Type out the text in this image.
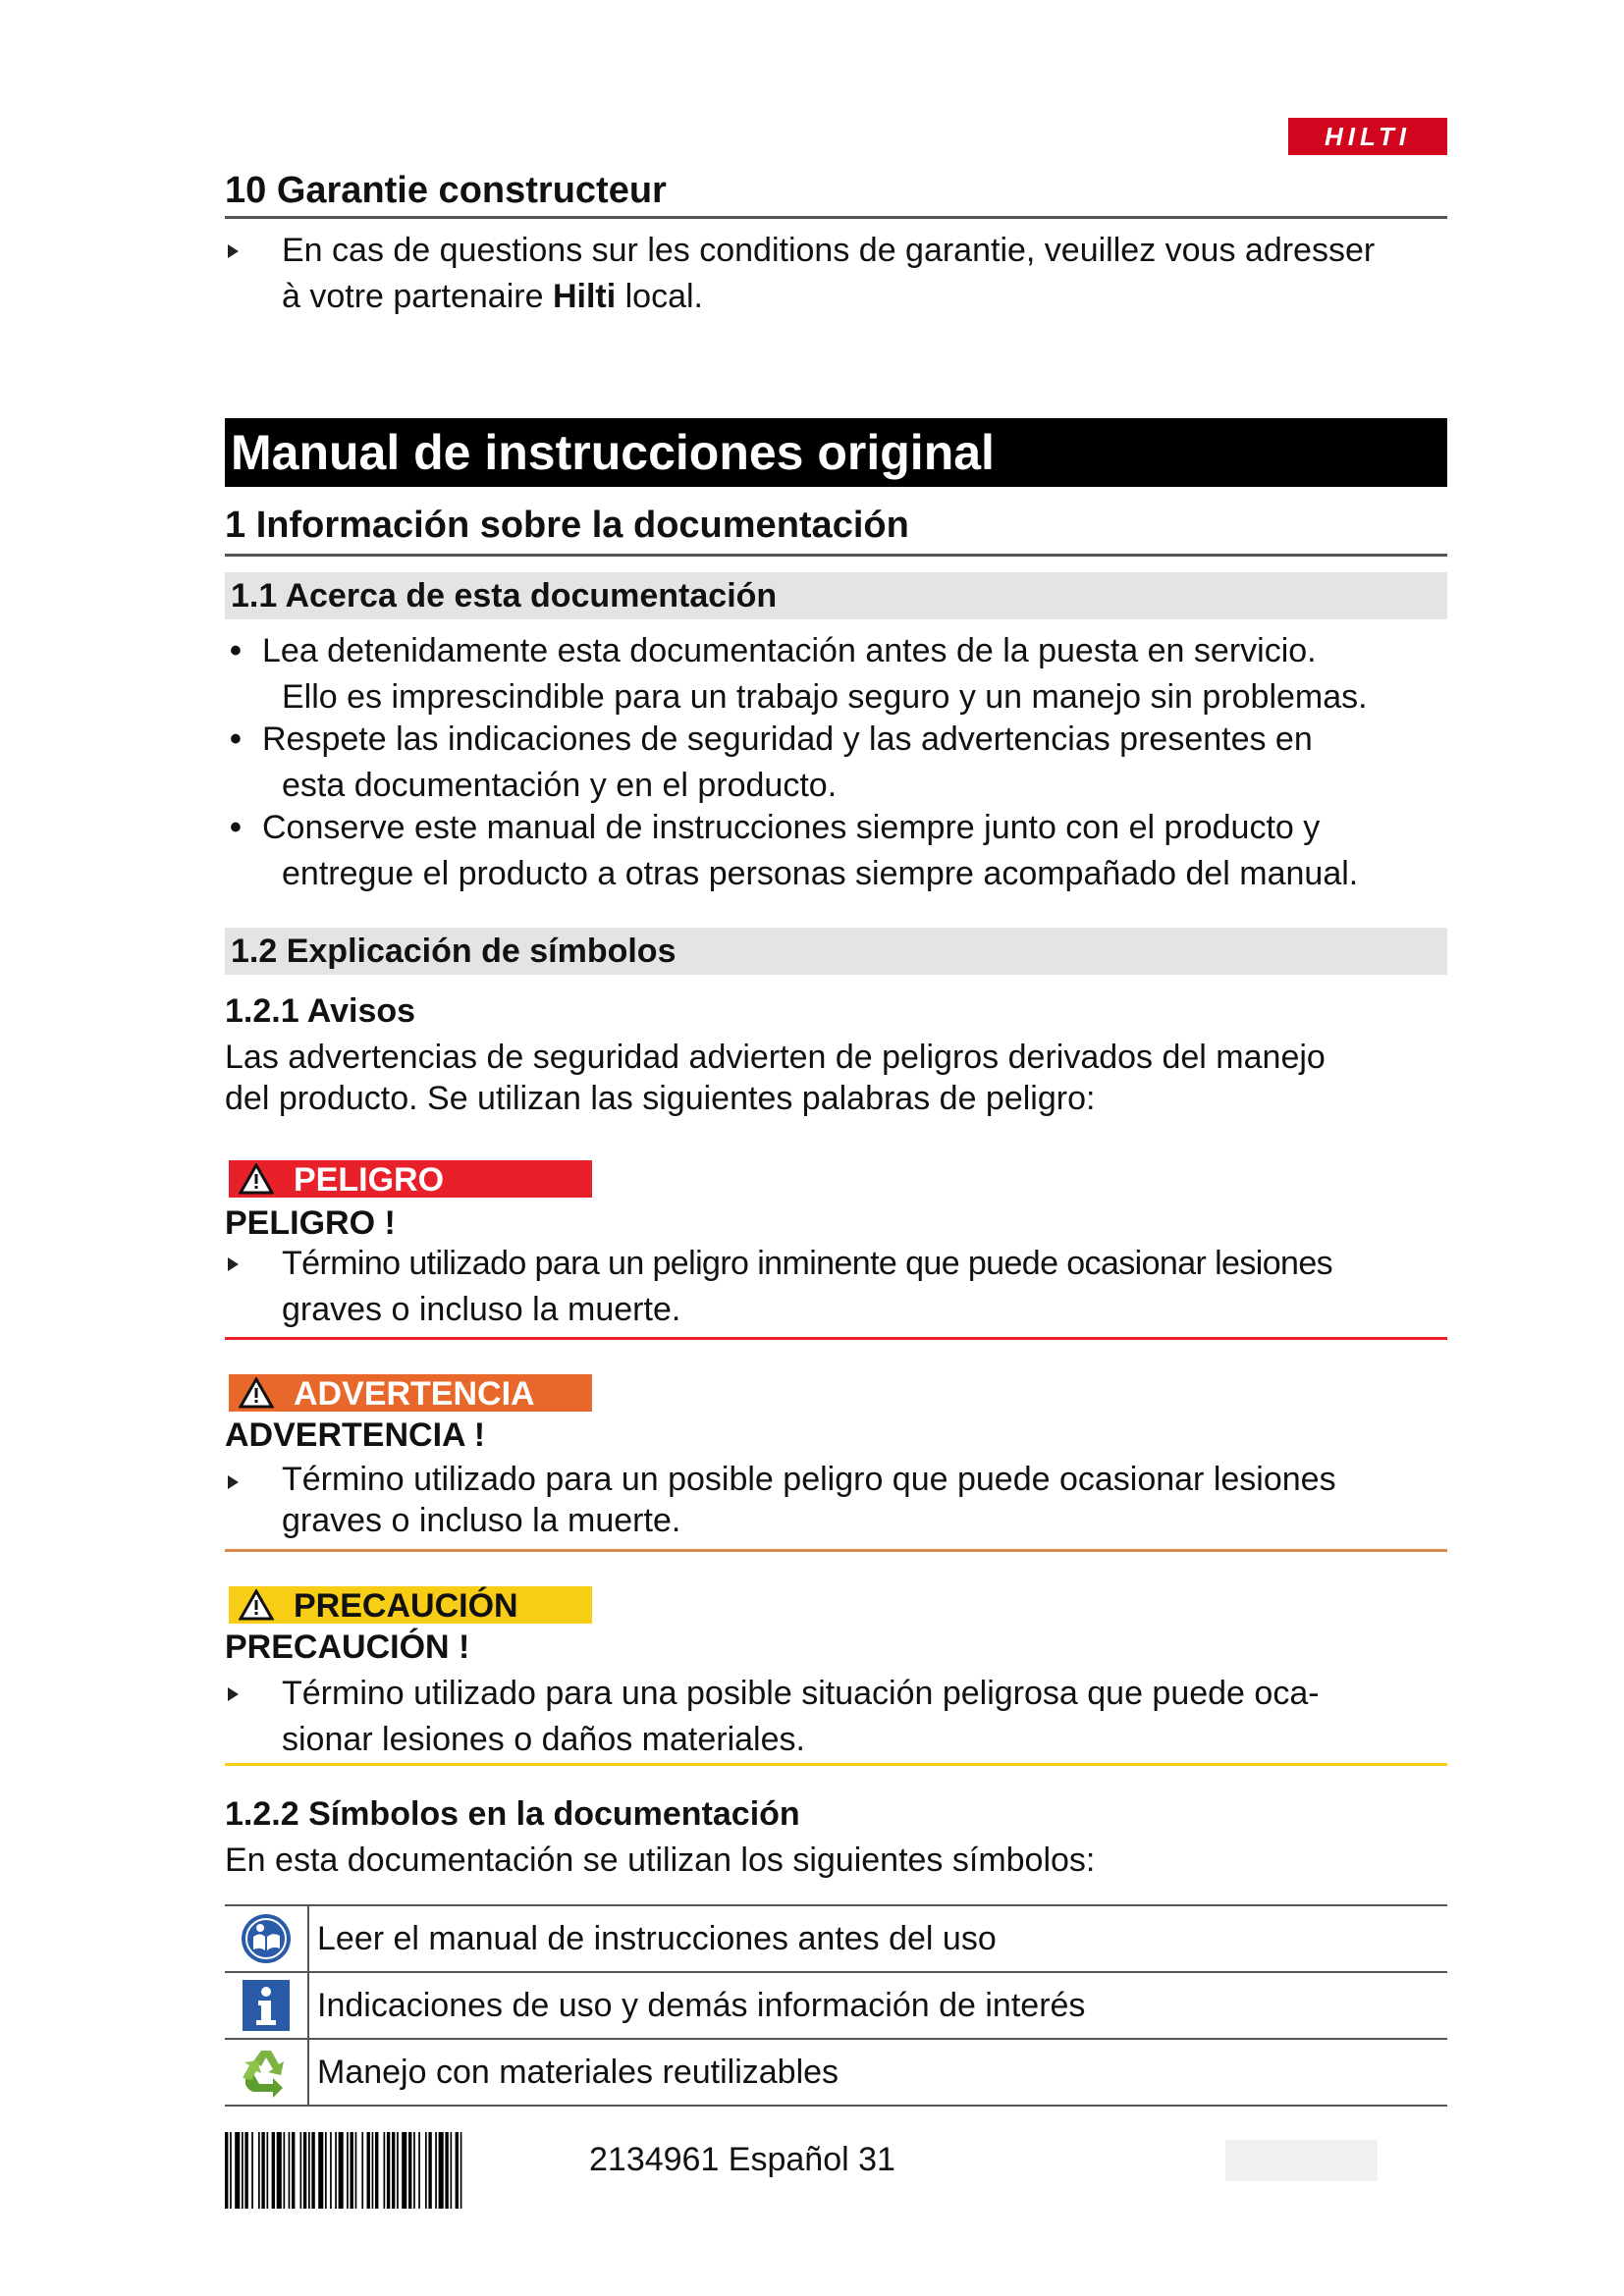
HILTI
10 Garantie constructeur
En cas de questions sur les conditions de garantie, veuillez vous adresser
à votre partenaire Hilti local.
Manual de instrucciones original
1 Información sobre la documentación
1.1 Acerca de esta documentación
• Lea detenidamente esta documentación antes de la puesta en servicio.
Ello es imprescindible para un trabajo seguro y un manejo sin problemas.
• Respete las indicaciones de seguridad y las advertencias presentes en
esta documentación y en el producto.
• Conserve este manual de instrucciones siempre junto con el producto y
entregue el producto a otras personas siempre acompañado del manual.
1.2 Explicación de símbolos
1.2.1 Avisos
Las advertencias de seguridad advierten de peligros derivados del manejo
del producto. Se utilizan las siguientes palabras de peligro:
PELIGRO
PELIGRO !
Término utilizado para un peligro inminente que puede ocasionar lesiones
graves o incluso la muerte.
ADVERTENCIA
ADVERTENCIA !
Término utilizado para un posible peligro que puede ocasionar lesiones
graves o incluso la muerte.
PRECAUCIÓN
PRECAUCIÓN !
Término utilizado para una posible situación peligrosa que puede oca-
sionar lesiones o daños materiales.
1.2.2 Símbolos en la documentación
En esta documentación se utilizan los siguientes símbolos:
Leer el manual de instrucciones antes del uso
Indicaciones de uso y demás información de interés
Manejo con materiales reutilizables
2134961 Español 31
